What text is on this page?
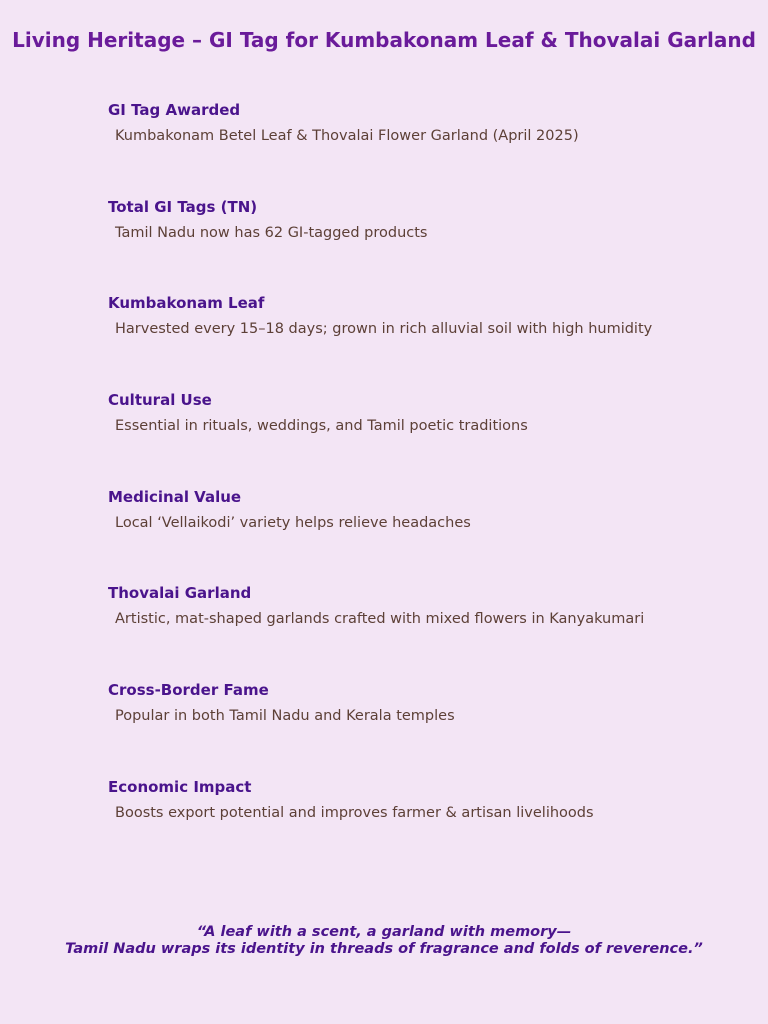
Living Heritage – GI Tag for Kumbakonam Leaf & Thovalai Garland
GI Tag Awarded
Kumbakonam Betel Leaf & Thovalai Flower Garland (April 2025)
Total GI Tags (TN)
Tamil Nadu now has 62 GI-tagged products
Kumbakonam Leaf
Harvested every 15–18 days; grown in rich alluvial soil with high humidity
Cultural Use
Essential in rituals, weddings, and Tamil poetic traditions
Medicinal Value
Local ‘Vellaikodi’ variety helps relieve headaches
Thovalai Garland
Artistic, mat-shaped garlands crafted with mixed flowers in Kanyakumari
Cross-Border Fame
Popular in both Tamil Nadu and Kerala temples
Economic Impact
Boosts export potential and improves farmer & artisan livelihoods
“A leaf with a scent, a garland with memory—
Tamil Nadu wraps its identity in threads of fragrance and folds of reverence.”
